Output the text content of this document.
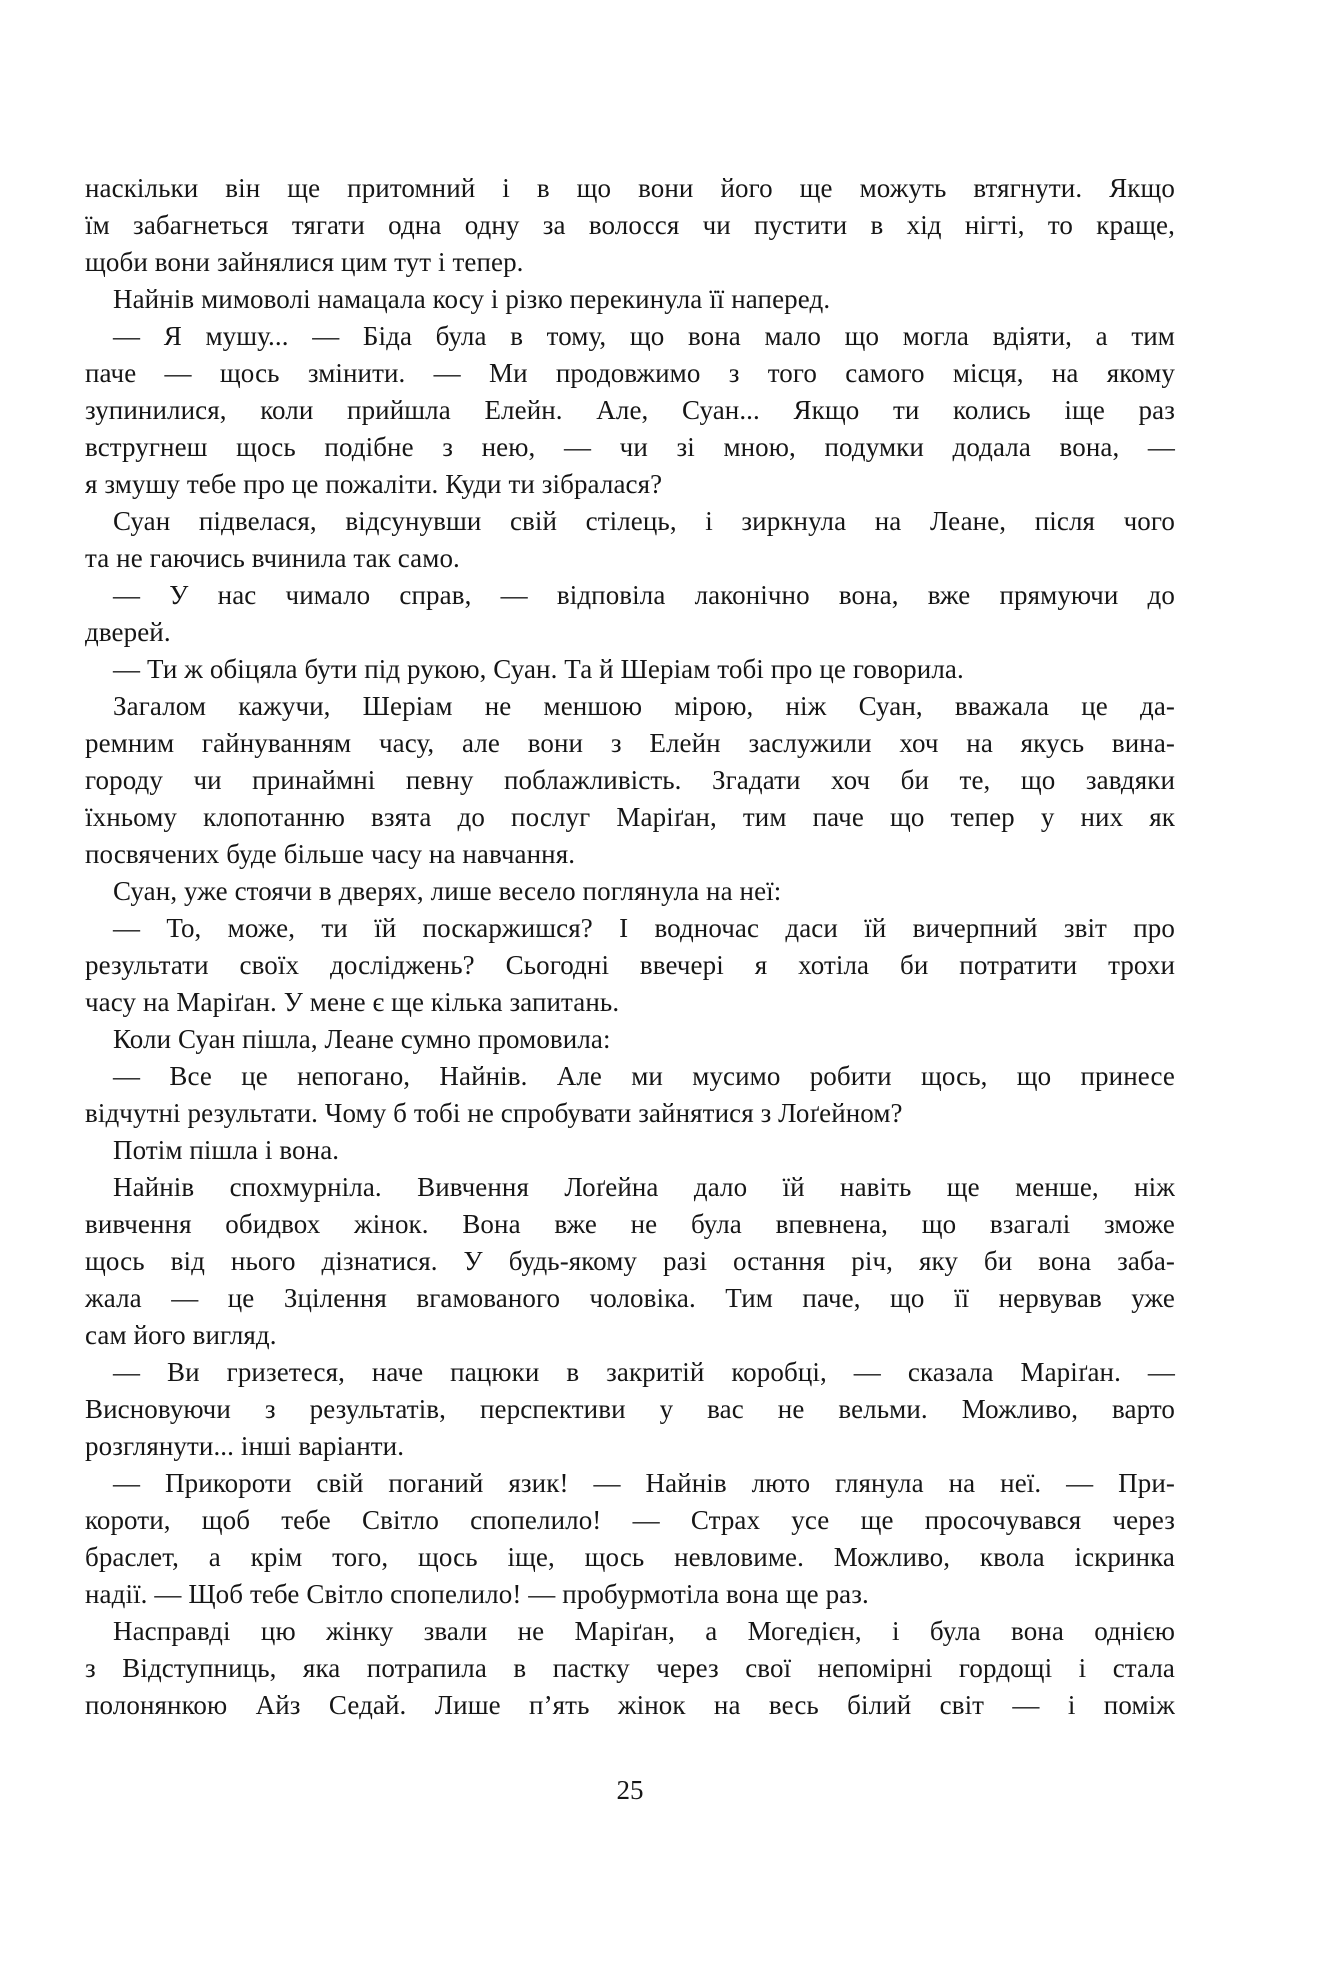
наскільки він ще притомний і в що вони його ще можуть втягнути. Якщо
їм забагнеться тягати одна одну за волосся чи пустити в хід нігті, то краще,
щоби вони зайнялися цим тут і тепер.

Найнів мимоволі намацала косу і різко перекинула її наперед.

— Я мушу... — Біда була в тому, що вона мало що могла вдіяти, а тим
паче — щось змінити. — Ми продовжимо з того самого місця, на якому
зупинилися, коли прийшла Елейн. Але, Суан... Якщо ти колись іще раз
встругнеш щось подібне з нею, — чи зі мною, подумки додала вона, —
я змушу тебе про це пожаліти. Куди ти зібралася?

Суан підвелася, відсунувши свій стілець, і зиркнула на Леане, після чого
та не гаючись вчинила так само.

— У нас чимало справ, — відповіла лаконічно вона, вже прямуючи до
дверей.

— Ти ж обіцяла бути під рукою, Суан. Та й Шеріам тобі про це говорила.

Загалом кажучи, Шеріам не меншою мірою, ніж Суан, вважала це да-
ремним гайнуванням часу, але вони з Елейн заслужили хоч на якусь вина-
городу чи принаймні певну поблажливість. Згадати хоч би те, що завдяки
їхньому клопотанню взята до послуг Маріґан, тим паче що тепер у них як
посвячених буде більше часу на навчання.

Суан, уже стоячи в дверях, лише весело поглянула на неї:

— То, може, ти їй поскаржишся? І водночас даси їй вичерпний звіт про
результати своїх досліджень? Сьогодні ввечері я хотіла би потратити трохи
часу на Маріґан. У мене є ще кілька запитань.

Коли Суан пішла, Леане сумно промовила:

— Все це непогано, Найнів. Але ми мусимо робити щось, що принесе
відчутні результати. Чому б тобі не спробувати зайнятися з Лоґейном?

Потім пішла і вона.

Найнів спохмурніла. Вивчення Лоґейна дало їй навіть ще менше, ніж
вивчення обидвох жінок. Вона вже не була впевнена, що взагалі зможе
щось від нього дізнатися. У будь-якому разі остання річ, яку би вона заба-
жала — це Зцілення вгамованого чоловіка. Тим паче, що її нервував уже
сам його вигляд.

— Ви гризетеся, наче пацюки в закритій коробці, — сказала Маріґан. —
Висновуючи з результатів, перспективи у вас не вельми. Можливо, варто
розглянути... інші варіанти.

— Прикороти свій поганий язик! — Найнів люто глянула на неї. — При-
короти, щоб тебе Світло спопелило! — Страх усе ще просочувався через
браслет, а крім того, щось іще, щось невловиме. Можливо, квола іскринка
надії. — Щоб тебе Світло спопелило! — пробурмотіла вона ще раз.

Насправді цю жінку звали не Маріґан, а Могедієн, і була вона однією
з Відступниць, яка потрапила в пастку через свої непомірні гордощі і стала
полонянкою Айз Седай. Лише п’ять жінок на весь білий світ — і поміж

25
